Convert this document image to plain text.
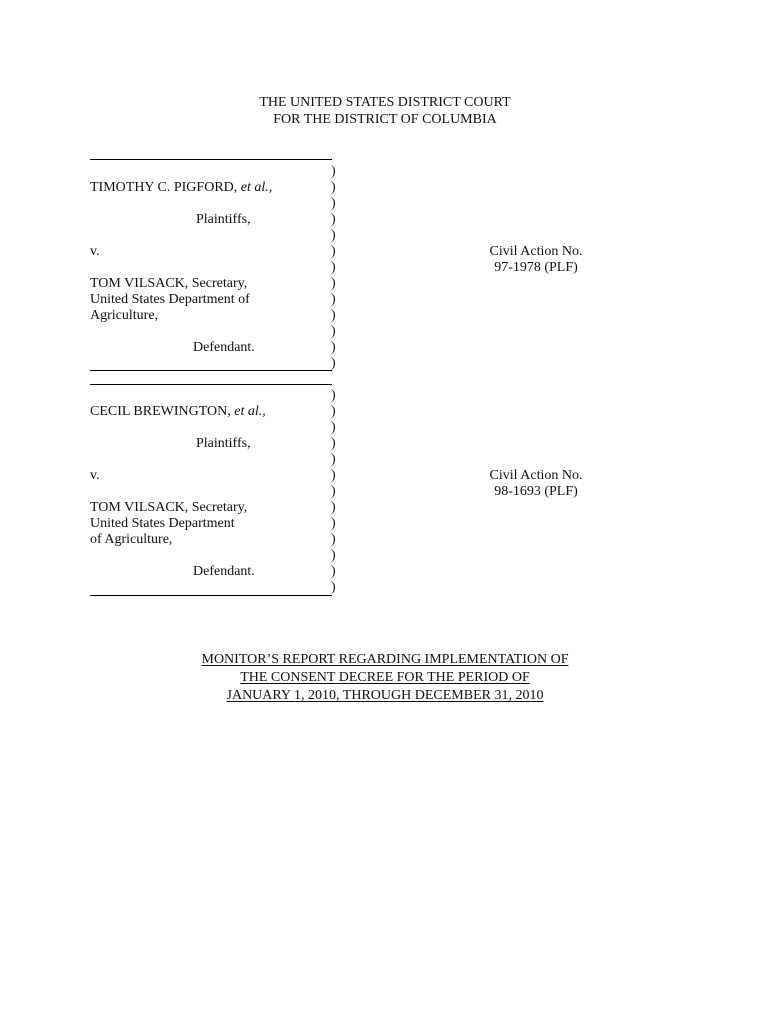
THE UNITED STATES DISTRICT COURT
FOR THE DISTRICT OF COLUMBIA
)
)
)
)
)
)
)
)
)
)
)
)
)
TIMOTHY C. PIGFORD, et al.,
Plaintiffs,
v.
TOM VILSACK, Secretary,
United States Department of
Agriculture,
Defendant.
Civil Action No.
97-1978 (PLF)
)
)
)
)
)
)
)
)
)
)
)
)
)
CECIL BREWINGTON, et al.,
Plaintiffs,
v.
TOM VILSACK, Secretary,
United States Department
of Agriculture,
Defendant.
Civil Action No.
98-1693 (PLF)
MONITOR’S REPORT REGARDING IMPLEMENTATION OF
THE CONSENT DECREE FOR THE PERIOD OF
JANUARY 1, 2010, THROUGH DECEMBER 31, 2010
